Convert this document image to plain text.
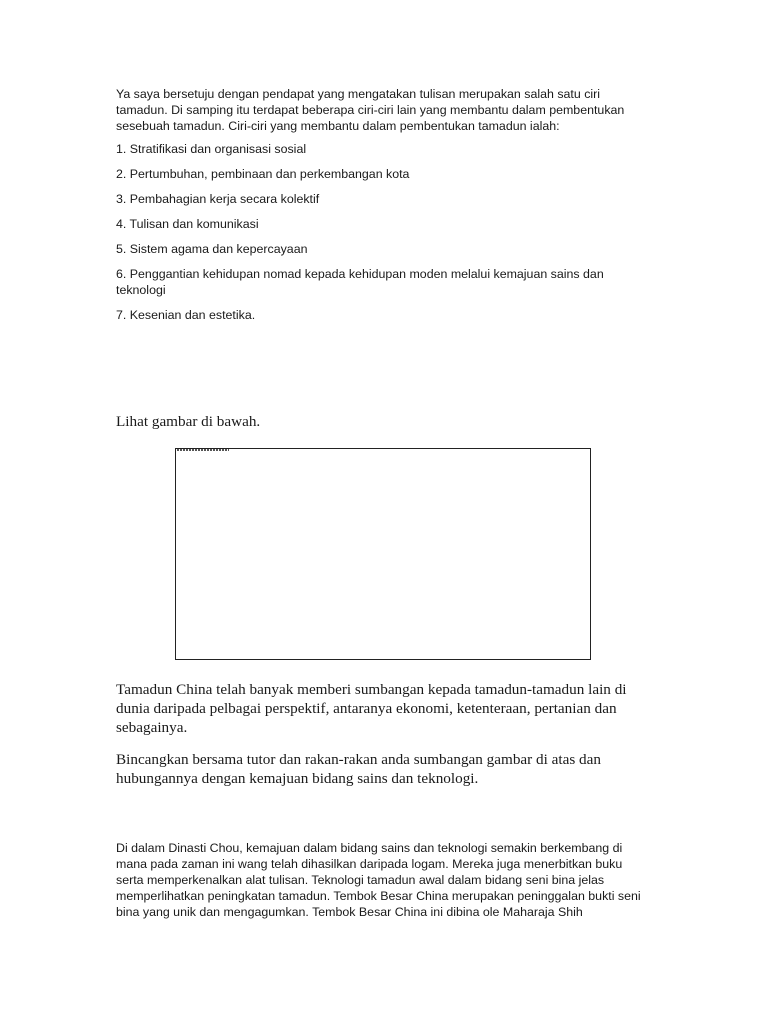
Ya saya bersetuju dengan pendapat yang mengatakan tulisan merupakan salah satu ciri tamadun. Di samping itu terdapat beberapa ciri-ciri lain yang membantu dalam pembentukan sesebuah tamadun. Ciri-ciri yang membantu dalam pembentukan tamadun ialah:

1. Stratifikasi dan organisasi sosial
2. Pertumbuhan, pembinaan dan perkembangan kota
3. Pembahagian kerja secara kolektif
4. Tulisan dan komunikasi
5. Sistem agama dan kepercayaan
6. Penggantian kehidupan nomad kepada kehidupan moden melalui kemajuan sains dan teknologi
7. Kesenian dan estetika.

Lihat gambar di bawah.

Tamadun China telah banyak memberi sumbangan kepada tamadun-tamadun lain di dunia daripada pelbagai perspektif, antaranya ekonomi, ketenteraan, pertanian dan sebagainya.

Bincangkan bersama tutor dan rakan-rakan anda sumbangan gambar di atas dan hubungannya dengan kemajuan bidang sains dan teknologi.

Di dalam Dinasti Chou, kemajuan dalam bidang sains dan teknologi semakin berkembang di mana pada zaman ini wang telah dihasilkan daripada logam. Mereka juga menerbitkan buku serta memperkenalkan alat tulisan. Teknologi tamadun awal dalam bidang seni bina jelas memperlihatkan peningkatan tamadun. Tembok Besar China merupakan peninggalan bukti seni bina yang unik dan mengagumkan. Tembok Besar China ini dibina ole Maharaja Shih
